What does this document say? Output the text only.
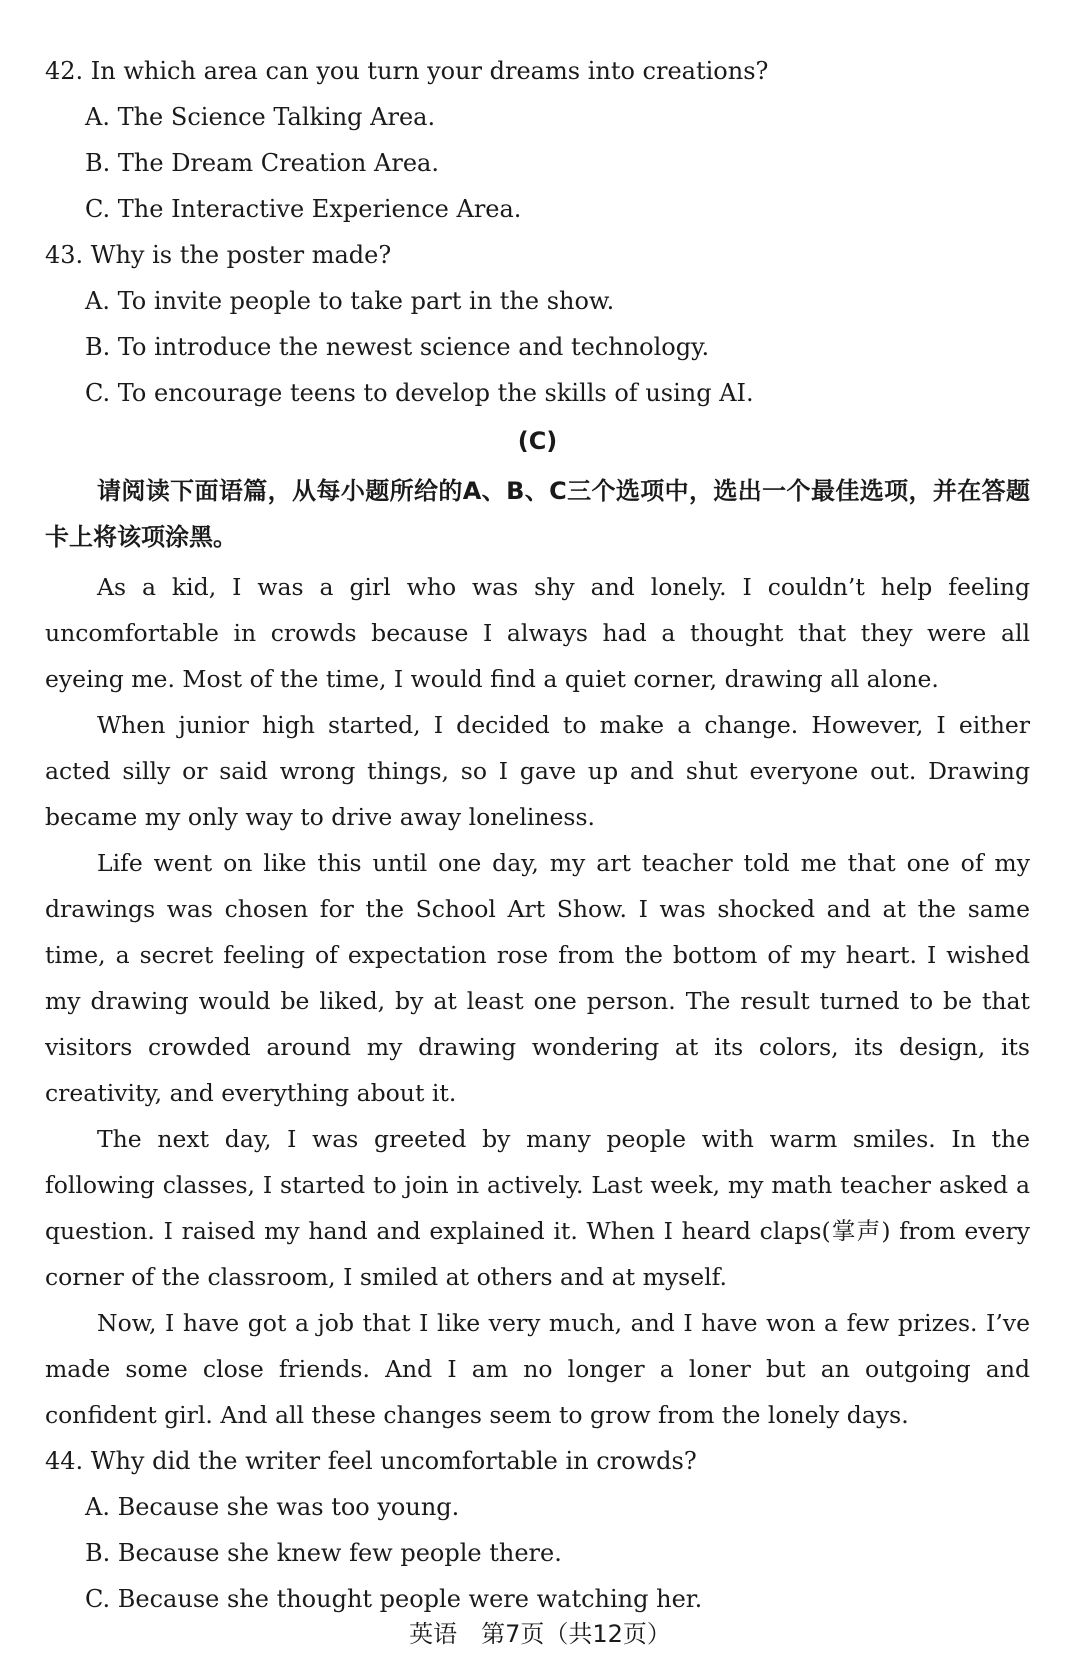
42. In which area can you turn your dreams into creations?
A. The Science Talking Area.
B. The Dream Creation Area.
C. The Interactive Experience Area.
43. Why is the poster made?
A. To invite people to take part in the show.
B. To introduce the newest science and technology.
C. To encourage teens to develop the skills of using AI.
(C)

请阅读下面语篇，从每小题所给的A、B、C三个选项中，选出一个最佳选项，并在答题卡上将该项涂黑。

As a kid, I was a girl who was shy and lonely. I couldn’t help feeling uncomfortable in crowds because I always had a thought that they were all eyeing me. Most of the time, I would find a quiet corner, drawing all alone.

When junior high started, I decided to make a change. However, I either acted silly or said wrong things, so I gave up and shut everyone out. Drawing became my only way to drive away loneliness.

Life went on like this until one day, my art teacher told me that one of my drawings was chosen for the School Art Show. I was shocked and at the same time, a secret feeling of expectation rose from the bottom of my heart. I wished my drawing would be liked, by at least one person. The result turned to be that visitors crowded around my drawing wondering at its colors, its design, its creativity, and everything about it.

The next day, I was greeted by many people with warm smiles. In the following classes, I started to join in actively. Last week, my math teacher asked a question. I raised my hand and explained it. When I heard claps(掌声) from every corner of the classroom, I smiled at others and at myself.

Now, I have got a job that I like very much, and I have won a few prizes. I’ve made some close friends. And I am no longer a loner but an outgoing and confident girl. And all these changes seem to grow from the lonely days.

44. Why did the writer feel uncomfortable in crowds?
A. Because she was too young.
B. Because she knew few people there.
C. Because she thought people were watching her.
英语　第7页（共12页）
